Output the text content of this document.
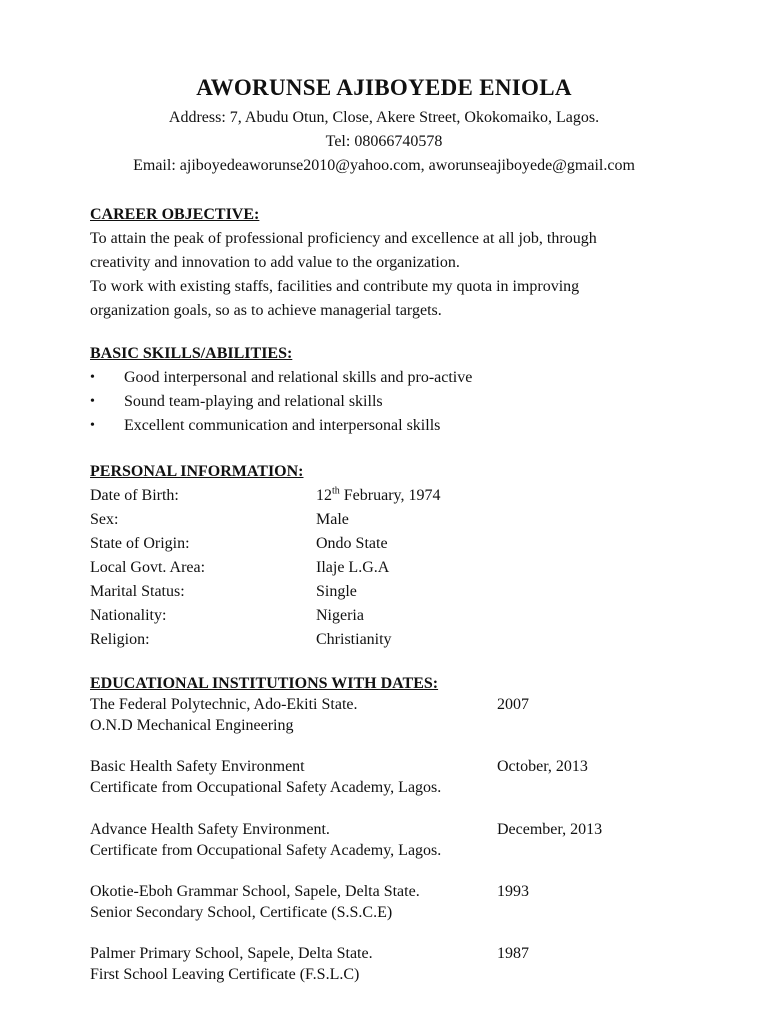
AWORUNSE AJIBOYEDE ENIOLA
Address: 7, Abudu Otun, Close, Akere Street, Okokomaiko, Lagos.
Tel: 08066740578
Email: ajiboyedeaworunse2010@yahoo.com, aworunseajiboyede@gmail.com
CAREER OBJECTIVE:
To attain the peak of professional proficiency and excellence at all job, through
creativity and innovation to add value to the organization.
To work with existing staffs, facilities and contribute my quota in improving
organization goals, so as to achieve managerial targets.
BASIC SKILLS/ABILITIES:
•	Good interpersonal and relational skills and pro-active
•	Sound team-playing and relational skills
•	Excellent communication and interpersonal skills
PERSONAL INFORMATION:
Date of Birth:	12th February, 1974
Sex:	Male
State of Origin:	Ondo State
Local Govt. Area:	Ilaje L.G.A
Marital Status:	Single
Nationality:	Nigeria
Religion:	Christianity
EDUCATIONAL INSTITUTIONS WITH DATES:
The Federal Polytechnic, Ado-Ekiti State.	2007
O.N.D Mechanical Engineering
Basic Health Safety Environment	October, 2013
Certificate from Occupational Safety Academy, Lagos.
Advance Health Safety Environment.	December, 2013
Certificate from Occupational Safety Academy, Lagos.
Okotie-Eboh Grammar School, Sapele, Delta State.	1993
Senior Secondary School, Certificate (S.S.C.E)
Palmer Primary School, Sapele, Delta State.	1987
First School Leaving Certificate (F.S.L.C)
